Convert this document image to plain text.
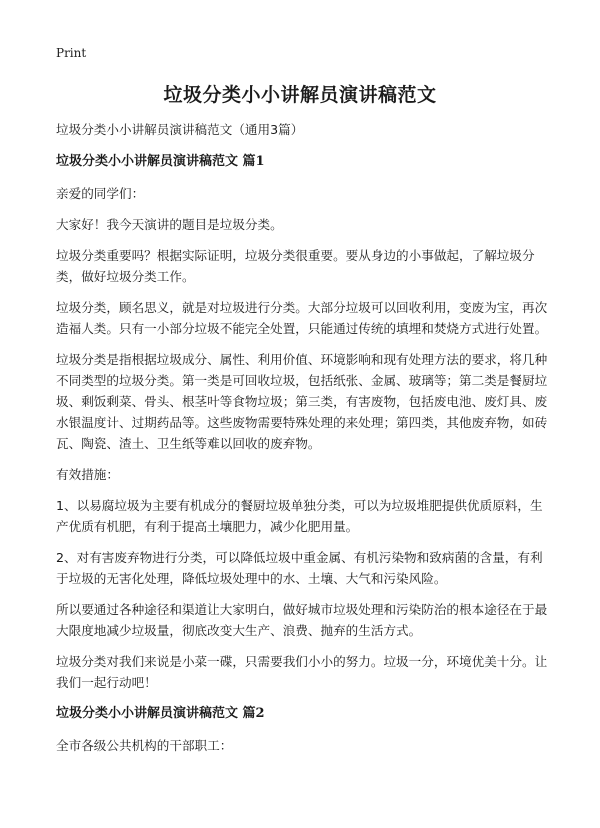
Print
垃圾分类小小讲解员演讲稿范文

垃圾分类小小讲解员演讲稿范文（通用3篇）

垃圾分类小小讲解员演讲稿范文 篇1

亲爱的同学们：

大家好！我今天演讲的题目是垃圾分类。

垃圾分类重要吗？根据实际证明，垃圾分类很重要。要从身边的小事做起，了解垃圾分类，做好垃圾分类工作。

垃圾分类，顾名思义，就是对垃圾进行分类。大部分垃圾可以回收利用，变废为宝，再次造福人类。只有一小部分垃圾不能完全处置，只能通过传统的填埋和焚烧方式进行处置。

垃圾分类是指根据垃圾成分、属性、利用价值、环境影响和现有处理方法的要求，将几种不同类型的垃圾分类。第一类是可回收垃圾，包括纸张、金属、玻璃等；第二类是餐厨垃圾、剩饭剩菜、骨头、根茎叶等食物垃圾；第三类，有害废物，包括废电池、废灯具、废水银温度计、过期药品等。这些废物需要特殊处理的来处理；第四类，其他废弃物，如砖瓦、陶瓷、渣土、卫生纸等难以回收的废弃物。

有效措施：

1、以易腐垃圾为主要有机成分的餐厨垃圾单独分类，可以为垃圾堆肥提供优质原料，生产优质有机肥，有利于提高土壤肥力，减少化肥用量。

2、对有害废弃物进行分类，可以降低垃圾中重金属、有机污染物和致病菌的含量，有利于垃圾的无害化处理，降低垃圾处理中的水、土壤、大气和污染风险。

所以要通过各种途径和渠道让大家明白，做好城市垃圾处理和污染防治的根本途径在于最大限度地减少垃圾量，彻底改变大生产、浪费、抛弃的生活方式。

垃圾分类对我们来说是小菜一碟，只需要我们小小的努力。垃圾一分，环境优美十分。让我们一起行动吧！

垃圾分类小小讲解员演讲稿范文 篇2

全市各级公共机构的干部职工：
